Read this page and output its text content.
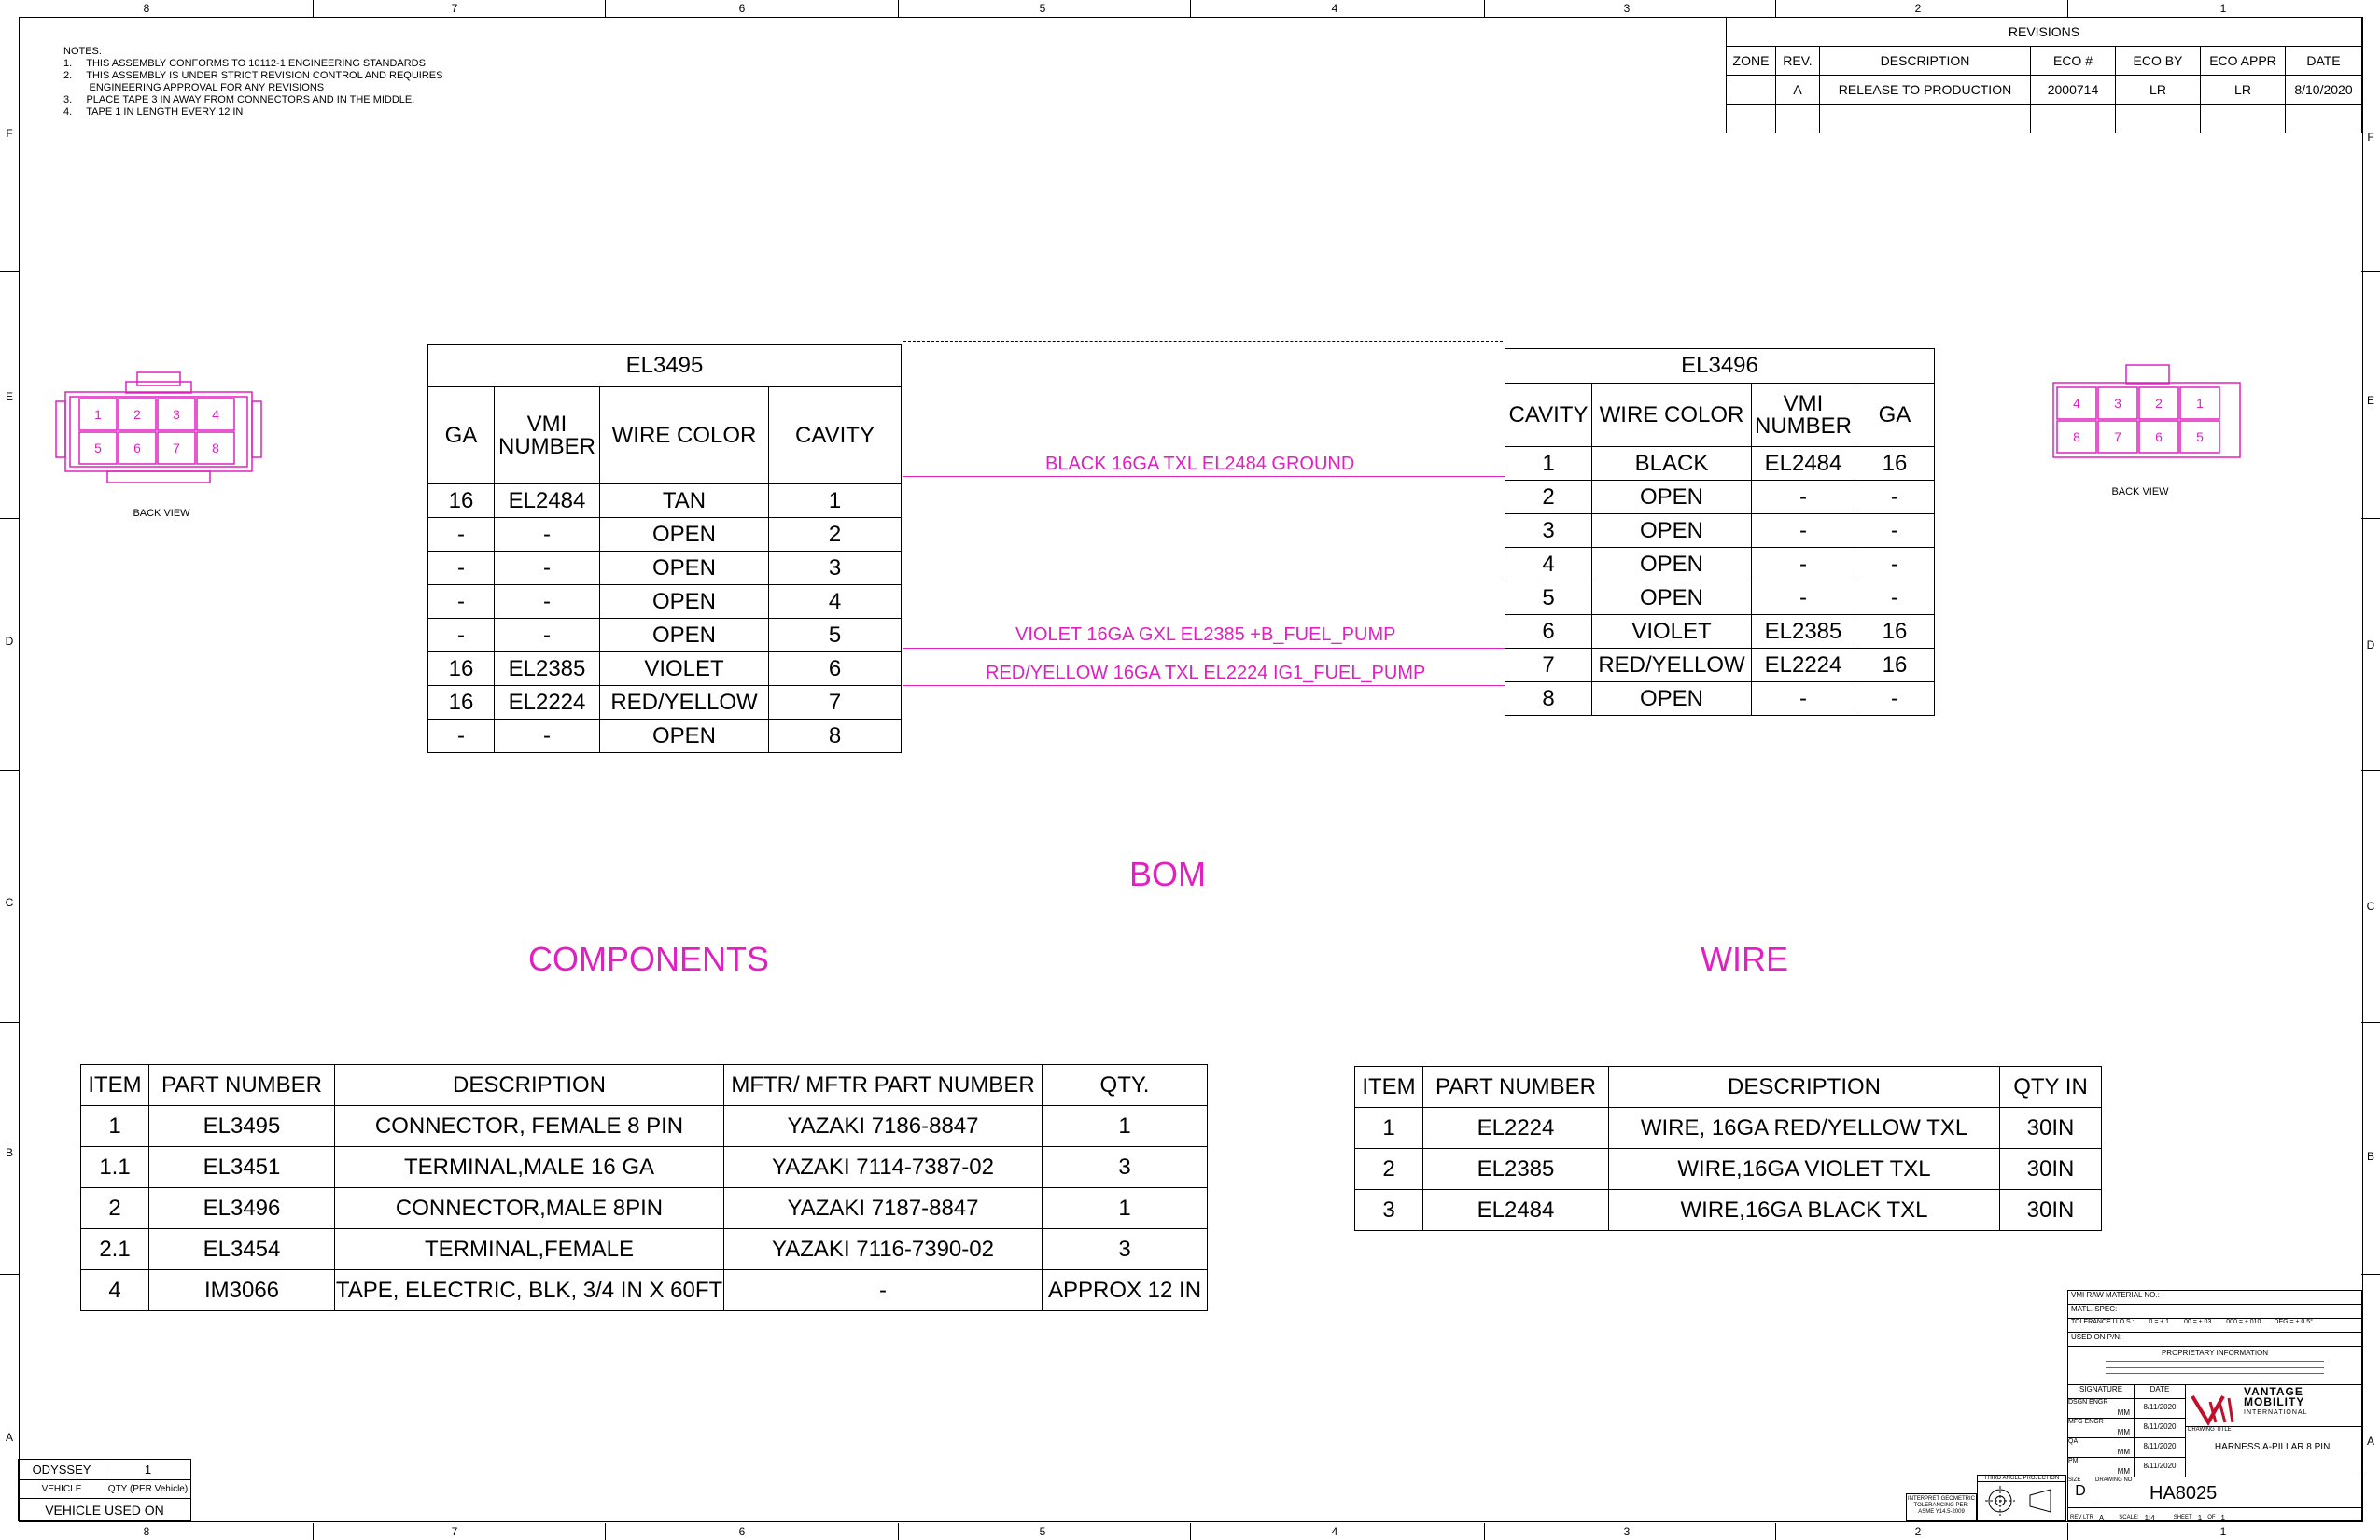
8	7	6	5	4	3	2	1
8	7	6	5	4	3	2	1
F
E
D
C
B
A
F
E
D
C
B
A
NOTES:
1.     THIS ASSEMBLY CONFORMS TO 10112-1 ENGINEERING STANDARDS
2.     THIS ASSEMBLY IS UNDER STRICT REVISION CONTROL AND REQUIRES
ENGINEERING APPROVAL FOR ANY REVISIONS
3.     PLACE TAPE 3 IN AWAY FROM CONNECTORS AND IN THE MIDDLE.
4.     TAPE 1 IN LENGTH EVERY 12 IN
REVISIONS						
ZONE	REV.	DESCRIPTION	ECO #	ECO BY	ECO APPR	DATE
	A	RELEASE TO PRODUCTION	2000714	LR	LR	8/10/2020

1 2 3 4
5 6 7 8
BACK VIEW
4	3	2	1
8	7	6	5
BACK VIEW
EL3495			
GA	VMI NUMBER	WIRE COLOR	CAVITY
16	EL2484	TAN	1
-	-	OPEN	2
-	-	OPEN	3
-	-	OPEN	4
-	-	OPEN	5
16	EL2385	VIOLET	6
16	EL2224	RED/YELLOW	7
-	-	OPEN	8
EL3496			
CAVITY	WIRE COLOR	VMI NUMBER	GA
1	BLACK	EL2484	16
2	OPEN	-	-
3	OPEN	-	-
4	OPEN	-	-
5	OPEN	-	-
6	VIOLET	EL2385	16
7	RED/YELLOW	EL2224	16
8	OPEN	-	-
BLACK 16GA TXL EL2484 GROUND
VIOLET 16GA GXL EL2385 +B_FUEL_PUMP
RED/YELLOW 16GA TXL EL2224 IG1_FUEL_PUMP
BOM
COMPONENTS	WIRE
ITEM	PART NUMBER	DESCRIPTION	MFTR/ MFTR PART NUMBER	QTY.
1	EL3495	CONNECTOR, FEMALE 8 PIN	YAZAKI 7186-8847	1
1.1	EL3451	TERMINAL,MALE 16 GA	YAZAKI 7114-7387-02	3
2	EL3496	CONNECTOR,MALE 8PIN	YAZAKI 7187-8847	1
2.1	EL3454	TERMINAL,FEMALE	YAZAKI 7116-7390-02	3
4	IM3066	TAPE, ELECTRIC, BLK, 3/4 IN X 60FT	-	APPROX 12 IN
ITEM	PART NUMBER	DESCRIPTION	QTY IN
1	EL2224	WIRE, 16GA RED/YELLOW TXL	30IN
2	EL2385	WIRE,16GA VIOLET TXL	30IN
3	EL2484	WIRE,16GA BLACK TXL	30IN
ODYSSEY	1
VEHICLE	QTY (PER Vehicle)
VEHICLE USED ON	
VMI RAW MATERIAL NO.:
MATL. SPEC:
TOLERANCE U.O.S.: .0 = ±.1 .00 = ±.03 .000 = ±.010 DEG = ± 0.5°
USED ON P/N:
PROPRIETARY INFORMATION
SIGNATURE	DATE
DSGN ENGR
MM
8/11/2020
MFG ENGR
MM
8/11/2020
QA
MM
8/11/2020
PM
MM
8/11/2020
VANTAGE
MOBILITY
INTERNATIONAL
DRAWING TITLE
HARNESS,A-PILLAR 8 PIN.
SIZE
D
DRAWING NO
HA8025
REV LTR A	SCALE: 1:4	SHEET 1 OF 1
THIRD ANGLE PROJECTION
INTERPRET GEOMETRIC TOLERANCING PER: ASME Y14.5-2009
